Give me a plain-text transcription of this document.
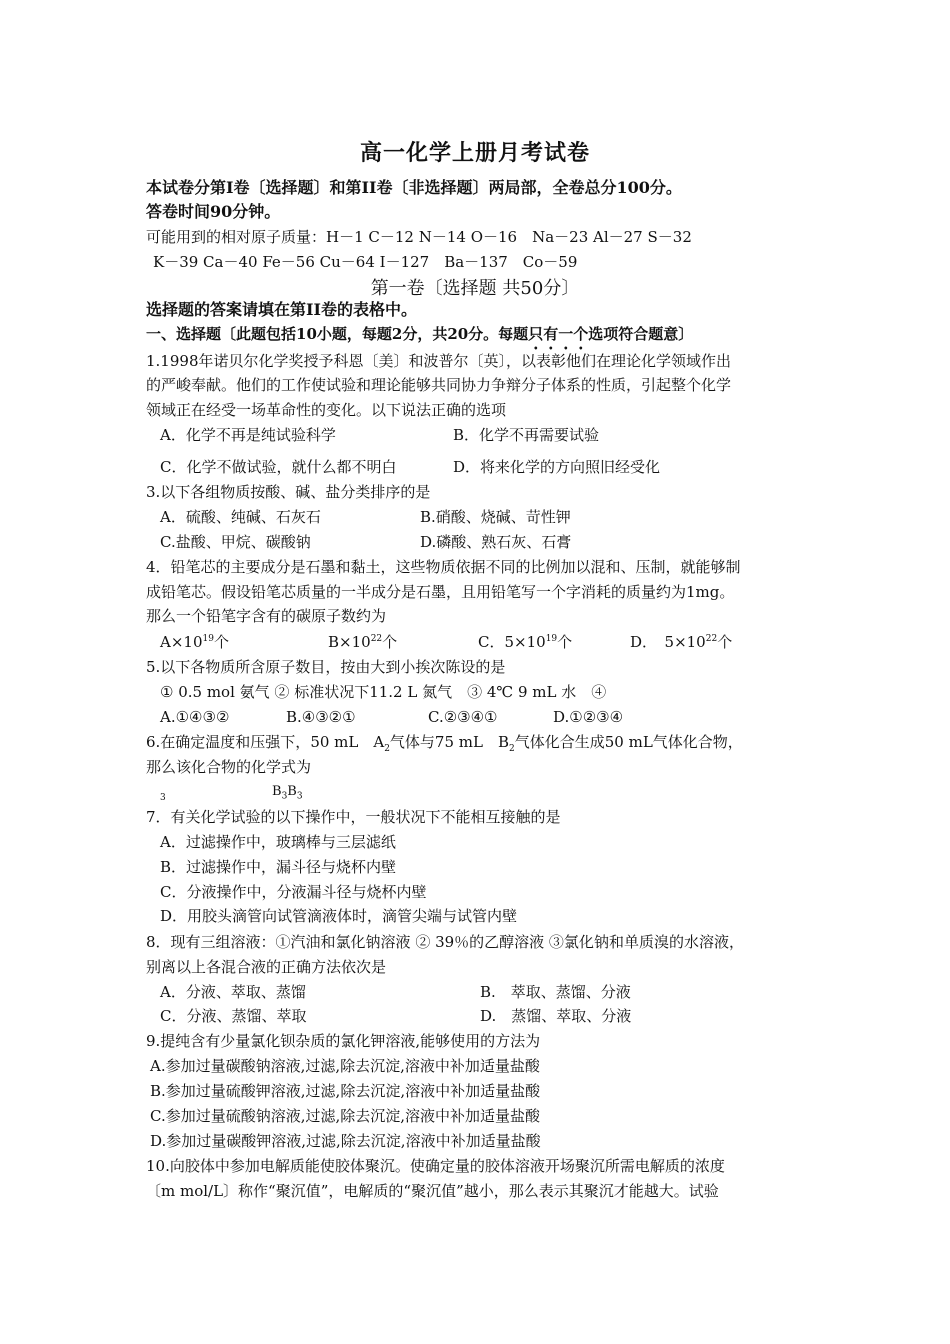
高一化学上册月考试卷
本试卷分第I卷〔选择题〕和第II卷〔非选择题〕两局部，全卷总分100分。
答卷时间90分钟。
可能用到的相对原子质量：H－1 C－12 N－14 O－16　Na－23 Al－27 S－32
K－39 Ca－40 Fe－56 Cu－64 I－127　Ba－137　Co－59
第一卷〔选择题 共50分〕
选择题的答案请填在第II卷的表格中。
一、选择题〔此题包括10小题，每题2分，共20分。每题只有一个选项符合题意〕
1.1998年诺贝尔化学奖授予科恩〔美〕和波普尔〔英〕，以表彰他们在理论化学领域作出
的严峻奉献。他们的工作使试验和理论能够共同协力争辩分子体系的性质，引起整个化学
领域正在经受一场革命性的变化。以下说法正确的选项
A．化学不再是纯试验科学	B．化学不再需要试验
C．化学不做试验，就什么都不明白	D．将来化学的方向照旧经受化
3.以下各组物质按酸、碱、盐分类排序的是
A．硫酸、纯碱、石灰石	B.硝酸、烧碱、苛性钾
C.盐酸、甲烷、碳酸钠	D.磷酸、熟石灰、石膏
4．铅笔芯的主要成分是石墨和黏土，这些物质依据不同的比例加以混和、压制，就能够制
成铅笔芯。假设铅笔芯质量的一半成分是石墨，且用铅笔写一个字消耗的质量约为1mg。
那么一个铅笔字含有的碳原子数约为
$A\times 10^{19}$个	$B\times 10^{22}$个	C．$5\times 10^{19}$个	D．　$5\times 10^{22}$个
5.以下各物质所含原子数目，按由大到小挨次陈设的是
① 0.5 mol 氨气 ② 标准状况下11.2 L 氮气　③ 4℃ 9 mL 水　④
A.①④③②	B.④③②①	C.②③④①	D.①②③④
6.在确定温度和压强下，50 mL　$A_2$气体与75 mL　$B_2$气体化合生成50 mL气体化合物，
那么该化合物的化学式为
3	$B_3B_3$
7．有关化学试验的以下操作中，一般状况下不能相互接触的是
A．过滤操作中，玻璃棒与三层滤纸
B．过滤操作中，漏斗径与烧杯内壁
C．分液操作中，分液漏斗径与烧杯内壁
D．用胶头滴管向试管滴液体时，滴管尖端与试管内壁
8．现有三组溶液：①汽油和氯化钠溶液 ② 39％的乙醇溶液 ③氯化钠和单质溴的水溶液，
别离以上各混合液的正确方法依次是
A．分液、萃取、蒸馏	B.　萃取、蒸馏、分液
C．分液、蒸馏、萃取	D.　蒸馏、萃取、分液
9.提纯含有少量氯化钡杂质的氯化钾溶液,能够使用的方法为
A.参加过量碳酸钠溶液,过滤,除去沉淀,溶液中补加适量盐酸
B.参加过量硫酸钾溶液,过滤,除去沉淀,溶液中补加适量盐酸
C.参加过量硫酸钠溶液,过滤,除去沉淀,溶液中补加适量盐酸
D.参加过量碳酸钾溶液,过滤,除去沉淀,溶液中补加适量盐酸
10.向胶体中参加电解质能使胶体聚沉。使确定量的胶体溶液开场聚沉所需电解质的浓度
〔m mol/L〕称作“聚沉值”，电解质的“聚沉值”越小，那么表示其聚沉才能越大。试验
